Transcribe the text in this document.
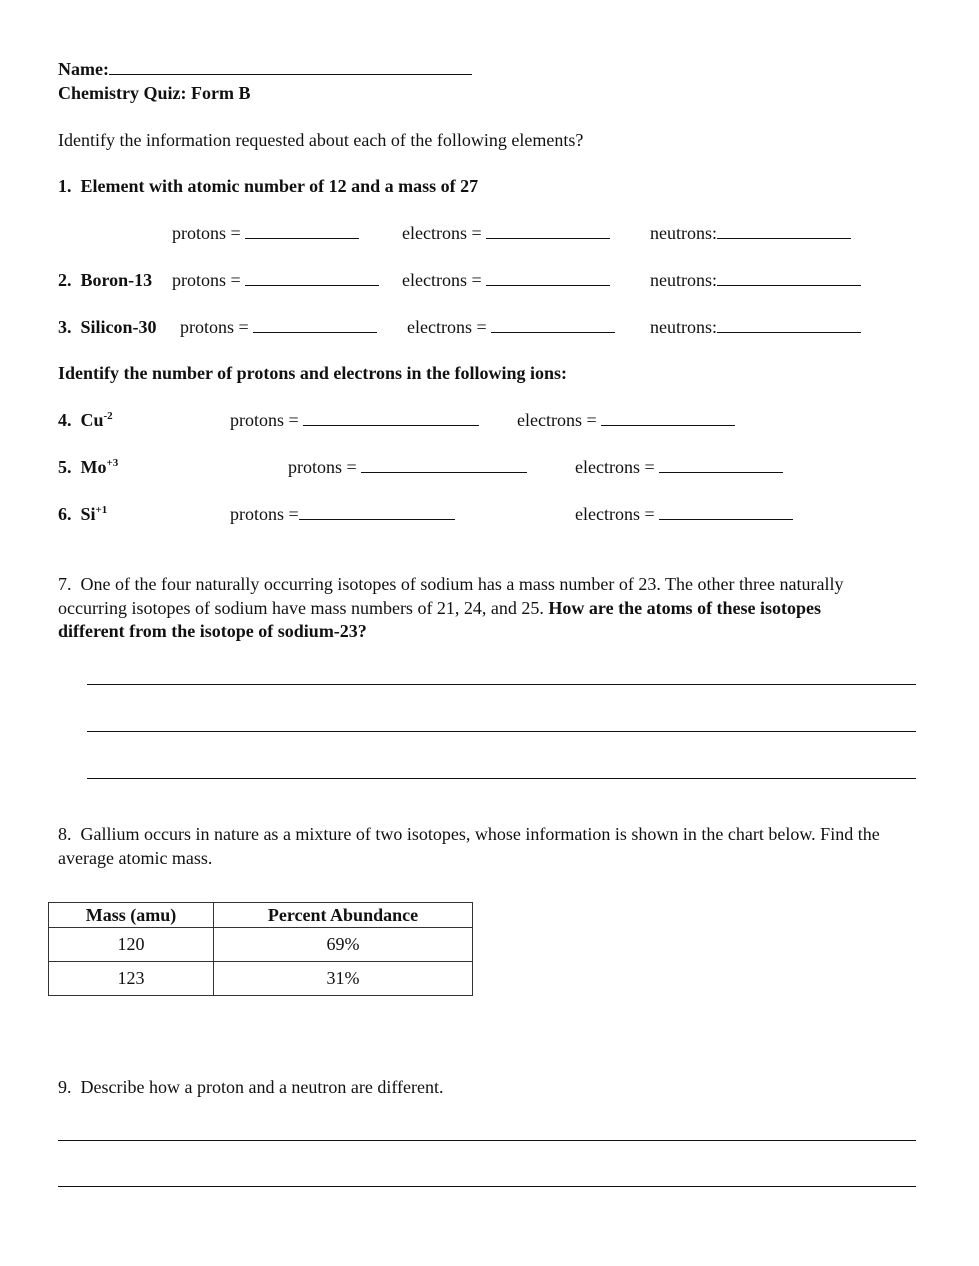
Name:
Chemistry Quiz: Form B
Identify the information requested about each of the following elements?
1. Element with atomic number of 12 and a mass of 27
protons =	electrons =	neutrons:
2. Boron-13 protons =	electrons =	neutrons:
3. Silicon-30 protons =	electrons =	neutrons:
Identify the number of protons and electrons in the following ions:
4. $Cu^{-2}$	protons =	electrons =
5. $Mo^{+3}$	protons =	electrons =
6. $Si^{+1}$	protons =	electrons =
7. One of the four naturally occurring isotopes of sodium has a mass number of 23. The other three naturally occurring isotopes of sodium have mass numbers of 21, 24, and 25. How are the atoms of these isotopes different from the isotope of sodium-23?
8. Gallium occurs in nature as a mixture of two isotopes, whose information is shown in the chart below. Find the average atomic mass.
Mass (amu)	Percent Abundance
120	69%
123	31%
9. Describe how a proton and a neutron are different.
